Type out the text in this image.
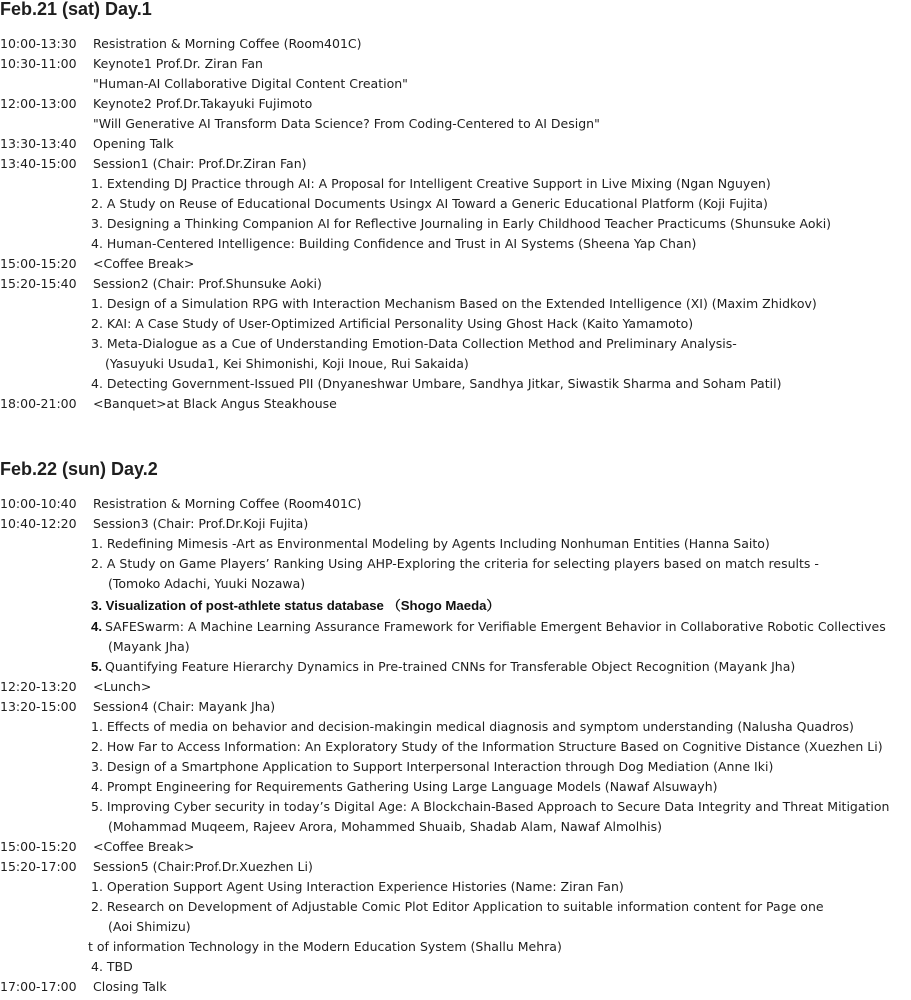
Feb.21 (sat) Day.1
10:00-13:30 Resistration & Morning Coffee (Room401C)
10:30-11:00 Keynote1 Prof.Dr. Ziran Fan
"Human-AI Collaborative Digital Content Creation"
12:00-13:00 Keynote2 Prof.Dr.Takayuki Fujimoto
"Will Generative AI Transform Data Science? From Coding-Centered to AI Design"
13:30-13:40 Opening Talk
13:40-15:00 Session1 (Chair: Prof.Dr.Ziran Fan)
1. Extending DJ Practice through AI: A Proposal for Intelligent Creative Support in Live Mixing (Ngan Nguyen)
2. A Study on Reuse of Educational Documents Usingx AI Toward a Generic Educational Platform (Koji Fujita)
3. Designing a Thinking Companion AI for Reflective Journaling in Early Childhood Teacher Practicums (Shunsuke Aoki)
4. Human-Centered Intelligence: Building Confidence and Trust in AI Systems (Sheena Yap Chan)
15:00-15:20 <Coffee Break>
15:20-15:40 Session2 (Chair: Prof.Shunsuke Aoki)
1. Design of a Simulation RPG with Interaction Mechanism Based on the Extended Intelligence (XI) (Maxim Zhidkov)
2. KAI: A Case Study of User-Optimized Artificial Personality Using Ghost Hack (Kaito Yamamoto)
3. Meta-Dialogue as a Cue of Understanding Emotion-Data Collection Method and Preliminary Analysis-
(Yasuyuki Usuda1, Kei Shimonishi, Koji Inoue, Rui Sakaida)
4. Detecting Government-Issued PII (Dnyaneshwar Umbare, Sandhya Jitkar, Siwastik Sharma and Soham Patil)
18:00-21:00 <Banquet>at Black Angus Steakhouse
Feb.22 (sun) Day.2
10:00-10:40 Resistration & Morning Coffee (Room401C)
10:40-12:20 Session3 (Chair: Prof.Dr.Koji Fujita)
1. Redefining Mimesis -Art as Environmental Modeling by Agents Including Nonhuman Entities (Hanna Saito)
2. A Study on Game Players’ Ranking Using AHP-Exploring the criteria for selecting players based on match results -
(Tomoko Adachi, Yuuki Nozawa)
3. Visualization of post-athlete status database （Shogo Maeda）
4. SAFESwarm: A Machine Learning Assurance Framework for Verifiable Emergent Behavior in Collaborative Robotic Collectives
(Mayank Jha)
5. Quantifying Feature Hierarchy Dynamics in Pre-trained CNNs for Transferable Object Recognition (Mayank Jha)
12:20-13:20 <Lunch>
13:20-15:00 Session4 (Chair: Mayank Jha)
1. Effects of media on behavior and decision-makingin medical diagnosis and symptom understanding (Nalusha Quadros)
2. How Far to Access Information: An Exploratory Study of the Information Structure Based on Cognitive Distance (Xuezhen Li)
3. Design of a Smartphone Application to Support Interpersonal Interaction through Dog Mediation (Anne Iki)
4. Prompt Engineering for Requirements Gathering Using Large Language Models (Nawaf Alsuwayh)
5. Improving Cyber security in today’s Digital Age: A Blockchain-Based Approach to Secure Data Integrity and Threat Mitigation
(Mohammad Muqeem, Rajeev Arora, Mohammed Shuaib, Shadab Alam, Nawaf Almolhis)
15:00-15:20 <Coffee Break>
15:20-17:00 Session5 (Chair:Prof.Dr.Xuezhen Li)
1. Operation Support Agent Using Interaction Experience Histories (Name: Ziran Fan)
2. Research on Development of Adjustable Comic Plot Editor Application to suitable information content for Page one
(Aoi Shimizu)
t of information Technology in the Modern Education System (Shallu Mehra)
4. TBD
17:00-17:00 Closing Talk
